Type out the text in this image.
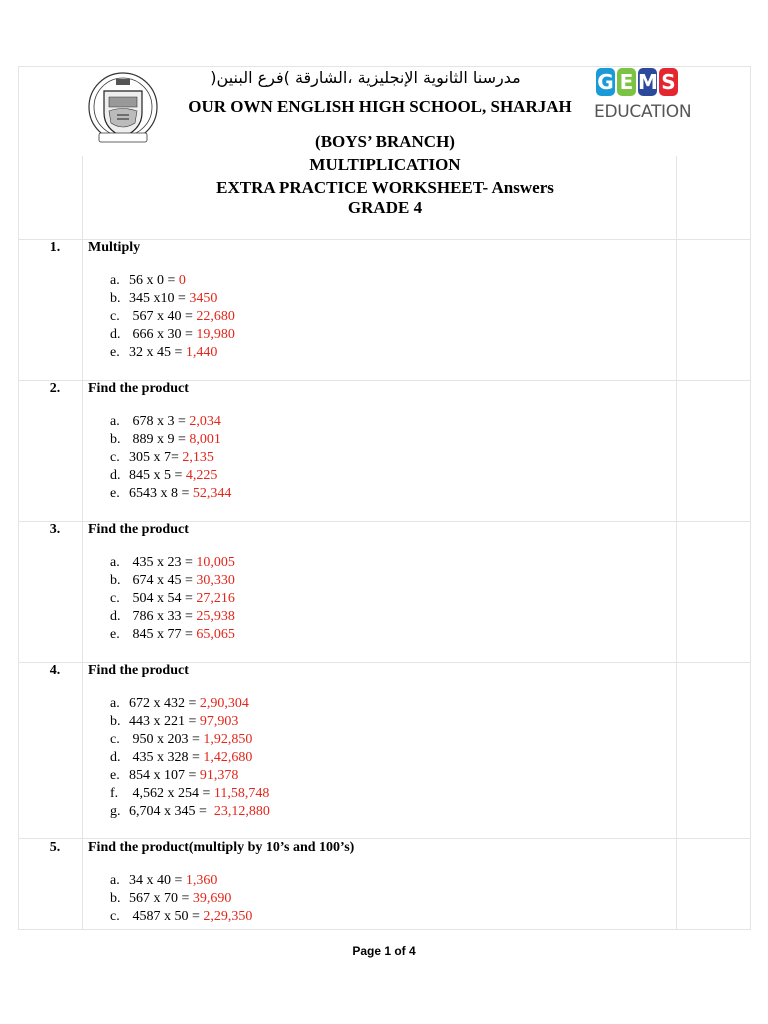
مدرسنا الثانوية الإنجليزية ،الشارقة )فرع البنين(
OUR OWN ENGLISH HIGH SCHOOL, SHARJAH
G E M S
EDUCATION
(BOYS’ BRANCH)
MULTIPLICATION
EXTRA PRACTICE WORKSHEET- Answers
GRADE 4
1.	Multiply
a. 56 x 0 = 0
b. 345 x10 = 3450
c. 567 x 40 = 22,680
d. 666 x 30 = 19,980
e. 32 x 45 = 1,440
2.	Find the product
a. 678 x 3 = 2,034
b. 889 x 9 = 8,001
c. 305 x 7= 2,135
d. 845 x 5 = 4,225
e. 6543 x 8 = 52,344
3.	Find the product
a. 435 x 23 = 10,005
b. 674 x 45 = 30,330
c. 504 x 54 = 27,216
d. 786 x 33 = 25,938
e. 845 x 77 = 65,065
4.	Find the product
a. 672 x 432 = 2,90,304
b. 443 x 221 = 97,903
c. 950 x 203 = 1,92,850
d. 435 x 328 = 1,42,680
e. 854 x 107 = 91,378
f. 4,562 x 254 = 11,58,748
g. 6,704 x 345 =  23,12,880
5.	Find the product(multiply by 10’s and 100’s)
a. 34 x 40 = 1,360
b. 567 x 70 = 39,690
c. 4587 x 50 = 2,29,350
Page 1 of 4
